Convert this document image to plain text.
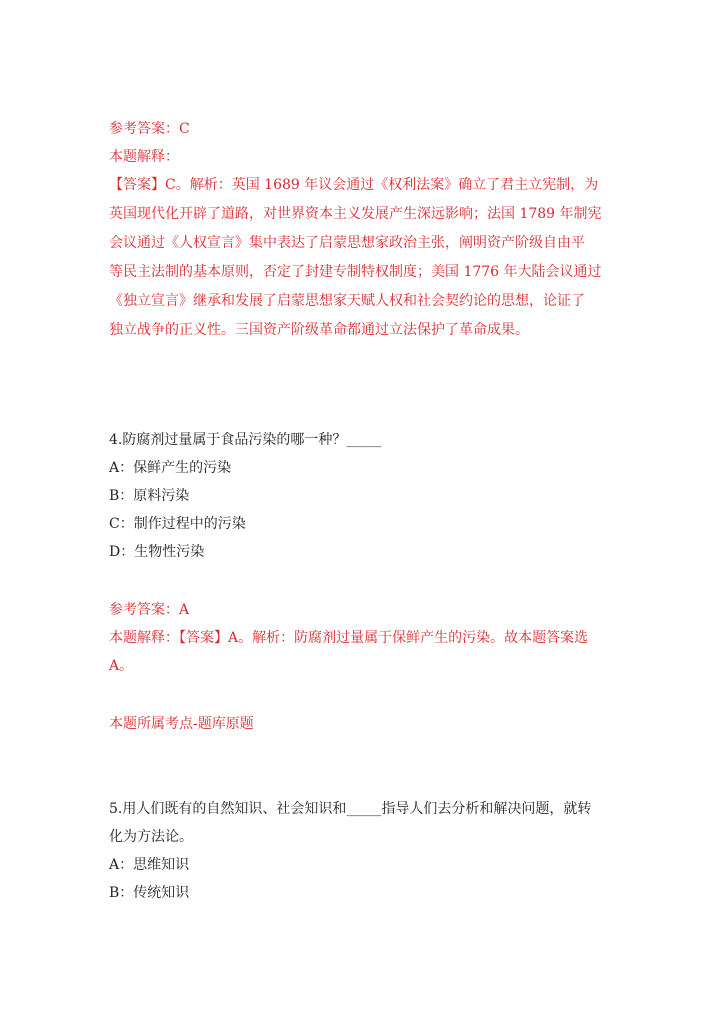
参考答案：C
本题解释：
【答案】C。解析：英国 1689 年议会通过《权利法案》确立了君主立宪制，为
英国现代化开辟了道路，对世界资本主义发展产生深远影响；法国 1789 年制宪
会议通过《人权宣言》集中表达了启蒙思想家政治主张，阐明资产阶级自由平
等民主法制的基本原则，否定了封建专制特权制度；美国 1776 年大陆会议通过
《独立宣言》继承和发展了启蒙思想家天赋人权和社会契约论的思想，论证了
独立战争的正义性。三国资产阶级革命都通过立法保护了革命成果。
4.防腐剂过量属于食品污染的哪一种？_____
A：保鲜产生的污染
B：原料污染
C：制作过程中的污染
D：生物性污染
参考答案：A
本题解释：【答案】A。解析：防腐剂过量属于保鲜产生的污染。故本题答案选
A。
本题所属考点-题库原题
5.用人们既有的自然知识、社会知识和_____指导人们去分析和解决问题，就转
化为方法论。
A：思维知识
B：传统知识
